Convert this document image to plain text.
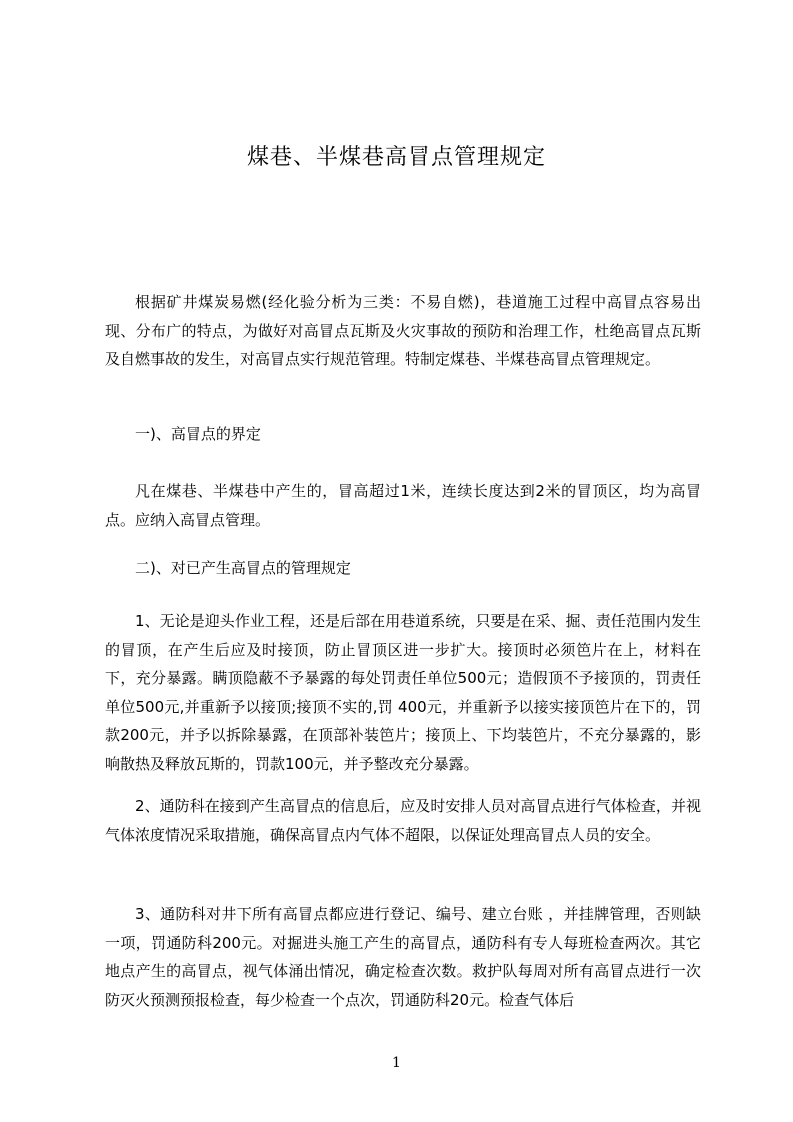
煤巷、半煤巷高冒点管理规定

根据矿井煤炭易燃(经化验分析为三类：不易自燃)，巷道施工过程中高冒点容易出现、分布广的特点，为做好对高冒点瓦斯及火灾事故的预防和治理工作，杜绝高冒点瓦斯及自燃事故的发生，对高冒点实行规范管理。特制定煤巷、半煤巷高冒点管理规定。

一)、高冒点的界定

凡在煤巷、半煤巷中产生的，冒高超过1米，连续长度达到2米的冒顶区，均为高冒点。应纳入高冒点管理。

二)、对已产生高冒点的管理规定

1、无论是迎头作业工程，还是后部在用巷道系统，只要是在采、掘、责任范围内发生的冒顶，在产生后应及时接顶，防止冒顶区进一步扩大。接顶时必须笆片在上，材料在下，充分暴露。瞒顶隐蔽不予暴露的每处罚责任单位500元；造假顶不予接顶的，罚责任单位500元,并重新予以接顶;接顶不实的,罚 400元，并重新予以接实接顶笆片在下的，罚款200元，并予以拆除暴露，在顶部补装笆片；接顶上、下均装笆片，不充分暴露的，影响散热及释放瓦斯的，罚款100元，并予整改充分暴露。

2、通防科在接到产生高冒点的信息后，应及时安排人员对高冒点进行气体检查，并视气体浓度情况采取措施，确保高冒点内气体不超限，以保证处理高冒点人员的安全。

3、通防科对井下所有高冒点都应进行登记、编号、建立台账 ，并挂牌管理，否则缺一项，罚通防科200元。对掘进头施工产生的高冒点，通防科有专人每班检查两次。其它地点产生的高冒点，视气体涌出情况，确定检查次数。救护队每周对所有高冒点进行一次防灭火预测预报检查，每少检查一个点次，罚通防科20元。检查气体后

1
